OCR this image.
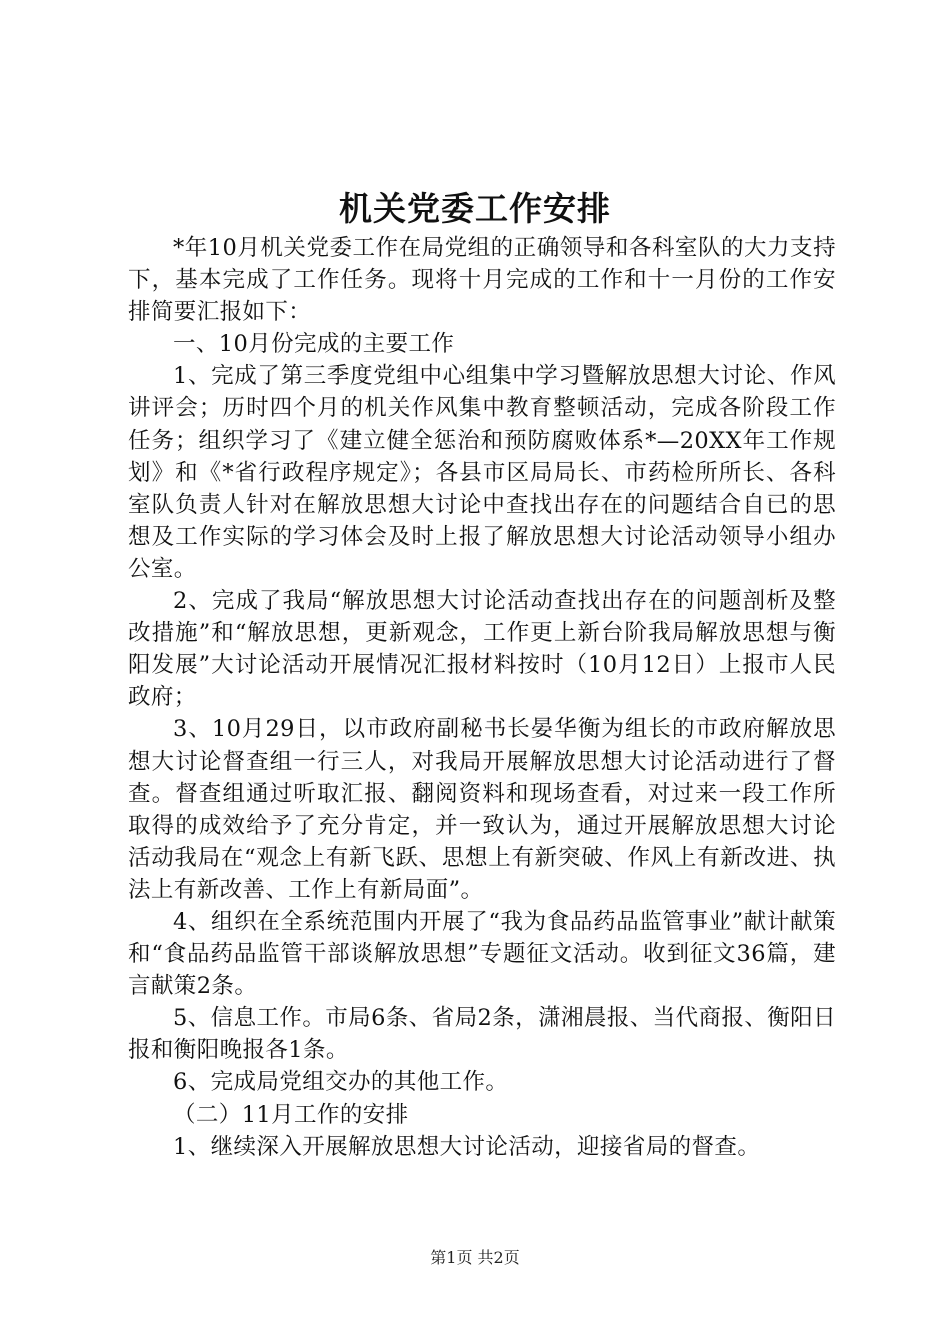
机关党委工作安排

*年10月机关党委工作在局党组的正确领导和各科室队的大力支持下，基本完成了工作任务。现将十月完成的工作和十一月份的工作安排简要汇报如下：

一、10月份完成的主要工作

1、完成了第三季度党组中心组集中学习暨解放思想大讨论、作风讲评会；历时四个月的机关作风集中教育整顿活动，完成各阶段工作任务；组织学习了《建立健全惩治和预防腐败体系*—20XX年工作规划》和《*省行政程序规定》；各县市区局局长、市药检所所长、各科室队负责人针对在解放思想大讨论中查找出存在的问题结合自已的思想及工作实际的学习体会及时上报了解放思想大讨论活动领导小组办公室。

2、完成了我局“解放思想大讨论活动查找出存在的问题剖析及整改措施”和“解放思想，更新观念，工作更上新台阶我局解放思想与衡阳发展”大讨论活动开展情况汇报材料按时（10月12日）上报市人民政府；

3、10月29日，以市政府副秘书长晏华衡为组长的市政府解放思想大讨论督查组一行三人，对我局开展解放思想大讨论活动进行了督查。督查组通过听取汇报、翻阅资料和现场查看，对过来一段工作所取得的成效给予了充分肯定，并一致认为，通过开展解放思想大讨论活动我局在“观念上有新飞跃、思想上有新突破、作风上有新改进、执法上有新改善、工作上有新局面”。

4、组织在全系统范围内开展了“我为食品药品监管事业”献计献策和“食品药品监管干部谈解放思想”专题征文活动。收到征文36篇，建言献策2条。

5、信息工作。市局6条、省局2条，潇湘晨报、当代商报、衡阳日报和衡阳晚报各1条。

6、完成局党组交办的其他工作。

（二）11月工作的安排

1、继续深入开展解放思想大讨论活动，迎接省局的督查。

第1页 共2页
